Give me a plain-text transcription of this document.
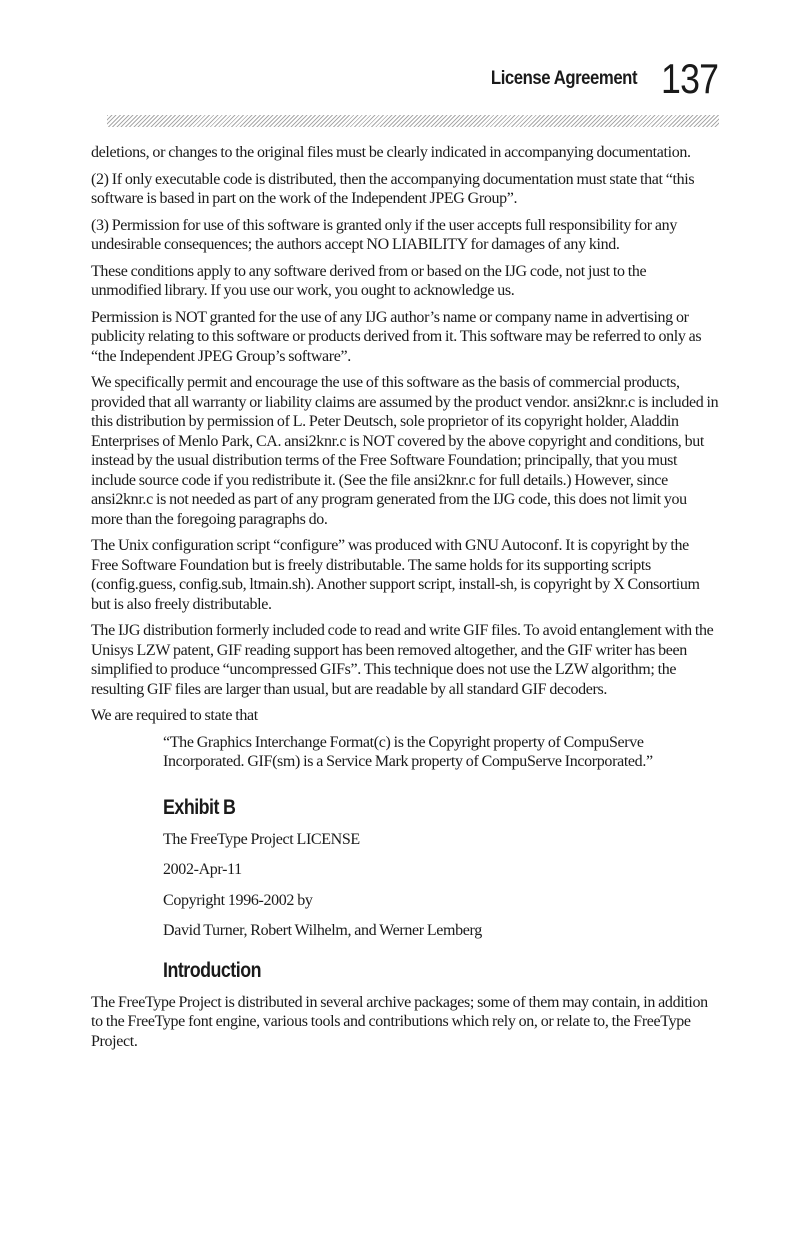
License Agreement 137

deletions, or changes to the original files must be clearly indicated in accompanying documentation.

(2) If only executable code is distributed, then the accompanying documentation must state that “this software is based in part on the work of the Independent JPEG Group”.

(3) Permission for use of this software is granted only if the user accepts full responsibility for any undesirable consequences; the authors accept NO LIABILITY for damages of any kind.

These conditions apply to any software derived from or based on the IJG code, not just to the unmodified library. If you use our work, you ought to acknowledge us.

Permission is NOT granted for the use of any IJG author’s name or company name in advertising or publicity relating to this software or products derived from it. This software may be referred to only as “the Independent JPEG Group’s software”.

We specifically permit and encourage the use of this software as the basis of commercial products, provided that all warranty or liability claims are assumed by the product vendor. ansi2knr.c is included in this distribution by permission of L. Peter Deutsch, sole proprietor of its copyright holder, Aladdin Enterprises of Menlo Park, CA. ansi2knr.c is NOT covered by the above copyright and conditions, but instead by the usual distribution terms of the Free Software Foundation; principally, that you must include source code if you redistribute it. (See the file ansi2knr.c for full details.) However, since ansi2knr.c is not needed as part of any program generated from the IJG code, this does not limit you more than the foregoing paragraphs do.

The Unix configuration script “configure” was produced with GNU Autoconf. It is copyright by the Free Software Foundation but is freely distributable. The same holds for its supporting scripts (config.guess, config.sub, ltmain.sh). Another support script, install-sh, is copyright by X Consortium but is also freely distributable.

The IJG distribution formerly included code to read and write GIF files. To avoid entanglement with the Unisys LZW patent, GIF reading support has been removed altogether, and the GIF writer has been simplified to produce “uncompressed GIFs”. This technique does not use the LZW algorithm; the resulting GIF files are larger than usual, but are readable by all standard GIF decoders.

We are required to state that

“The Graphics Interchange Format(c) is the Copyright property of CompuServe Incorporated. GIF(sm) is a Service Mark property of CompuServe Incorporated.”

Exhibit B

The FreeType Project LICENSE

2002-Apr-11

Copyright 1996-2002 by

David Turner, Robert Wilhelm, and Werner Lemberg

Introduction

The FreeType Project is distributed in several archive packages; some of them may contain, in addition to the FreeType font engine, various tools and contributions which rely on, or relate to, the FreeType Project.
